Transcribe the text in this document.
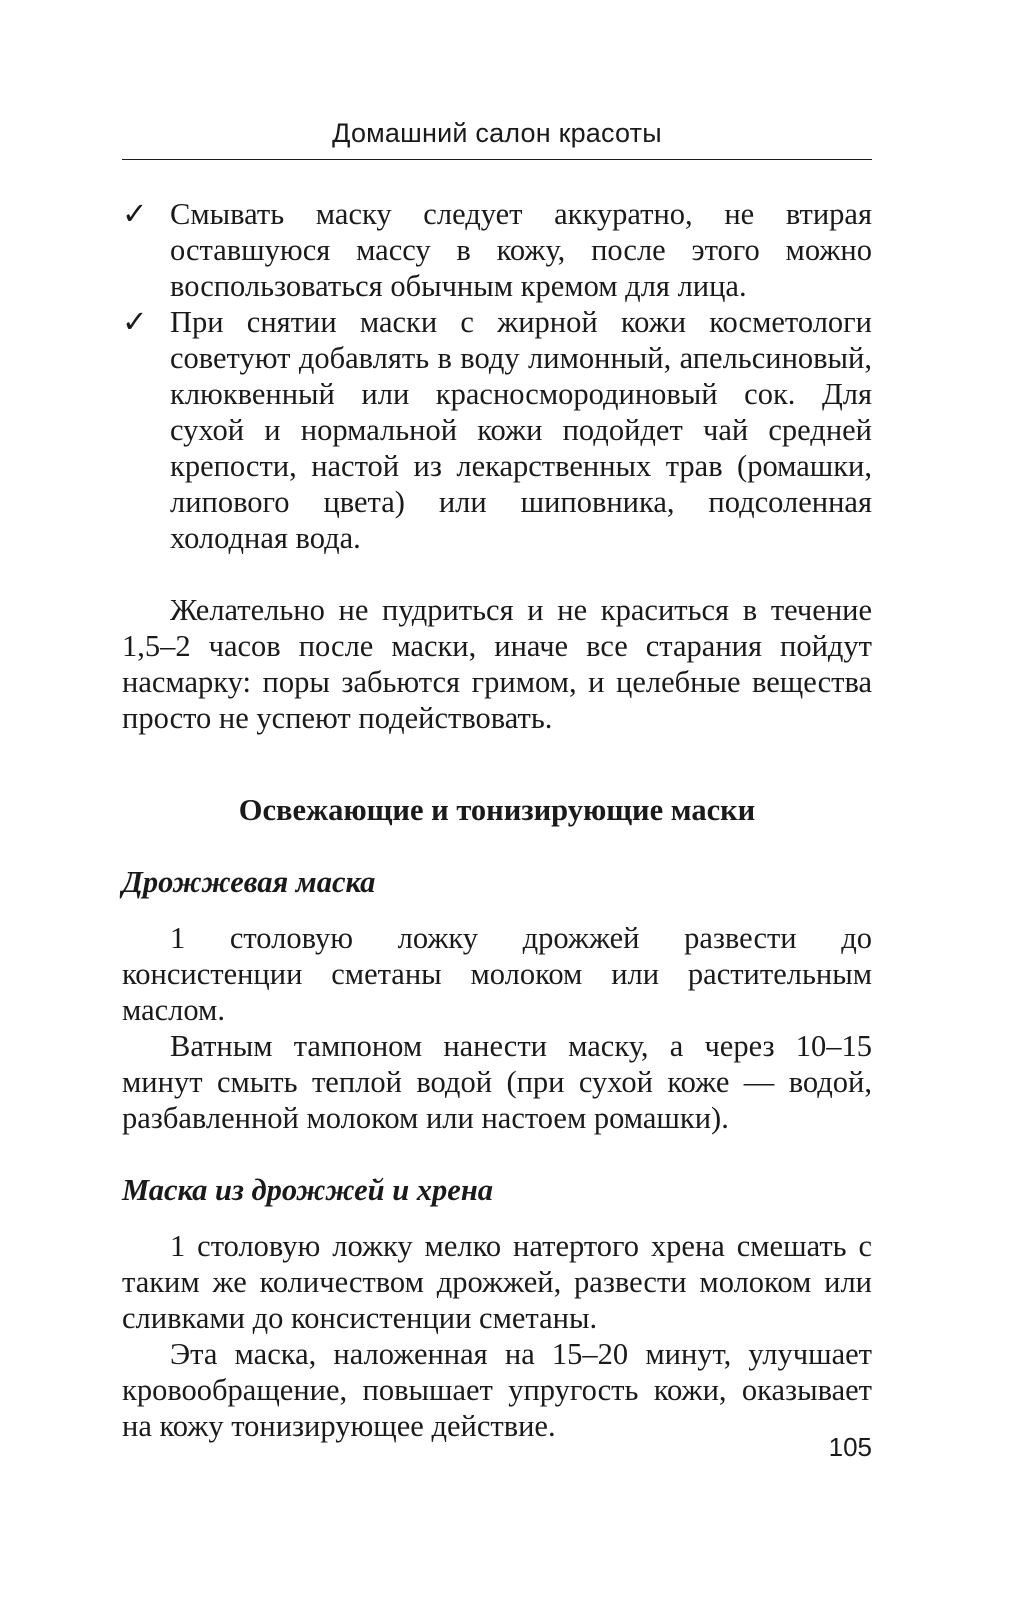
Домашний салон красоты

✓ Смывать маску следует аккуратно, не втирая оставшуюся массу в кожу, после этого можно воспользоваться обычным кремом для лица.

✓ При снятии маски с жирной кожи косметологи советуют добавлять в воду лимонный, апельсиновый, клюквенный или красносмородиновый сок. Для сухой и нормальной кожи подойдет чай средней крепости, настой из лекарственных трав (ромашки, липового цвета) или шиповника, подсоленная холодная вода.

Желательно не пудриться и не краситься в течение 1,5–2 часов после маски, иначе все старания пойдут насмарку: поры забьются гримом, и целебные вещества просто не успеют подействовать.

Освежающие и тонизирующие маски

Дрожжевая маска

1 столовую ложку дрожжей развести до консистенции сметаны молоком или растительным маслом.

Ватным тампоном нанести маску, а через 10–15 минут смыть теплой водой (при сухой коже — водой, разбавленной молоком или настоем ромашки).

Маска из дрожжей и хрена

1 столовую ложку мелко натертого хрена смешать с таким же количеством дрожжей, развести молоком или сливками до консистенции сметаны.

Эта маска, наложенная на 15–20 минут, улучшает кровообращение, повышает упругость кожи, оказывает на кожу тонизирующее действие.

105
